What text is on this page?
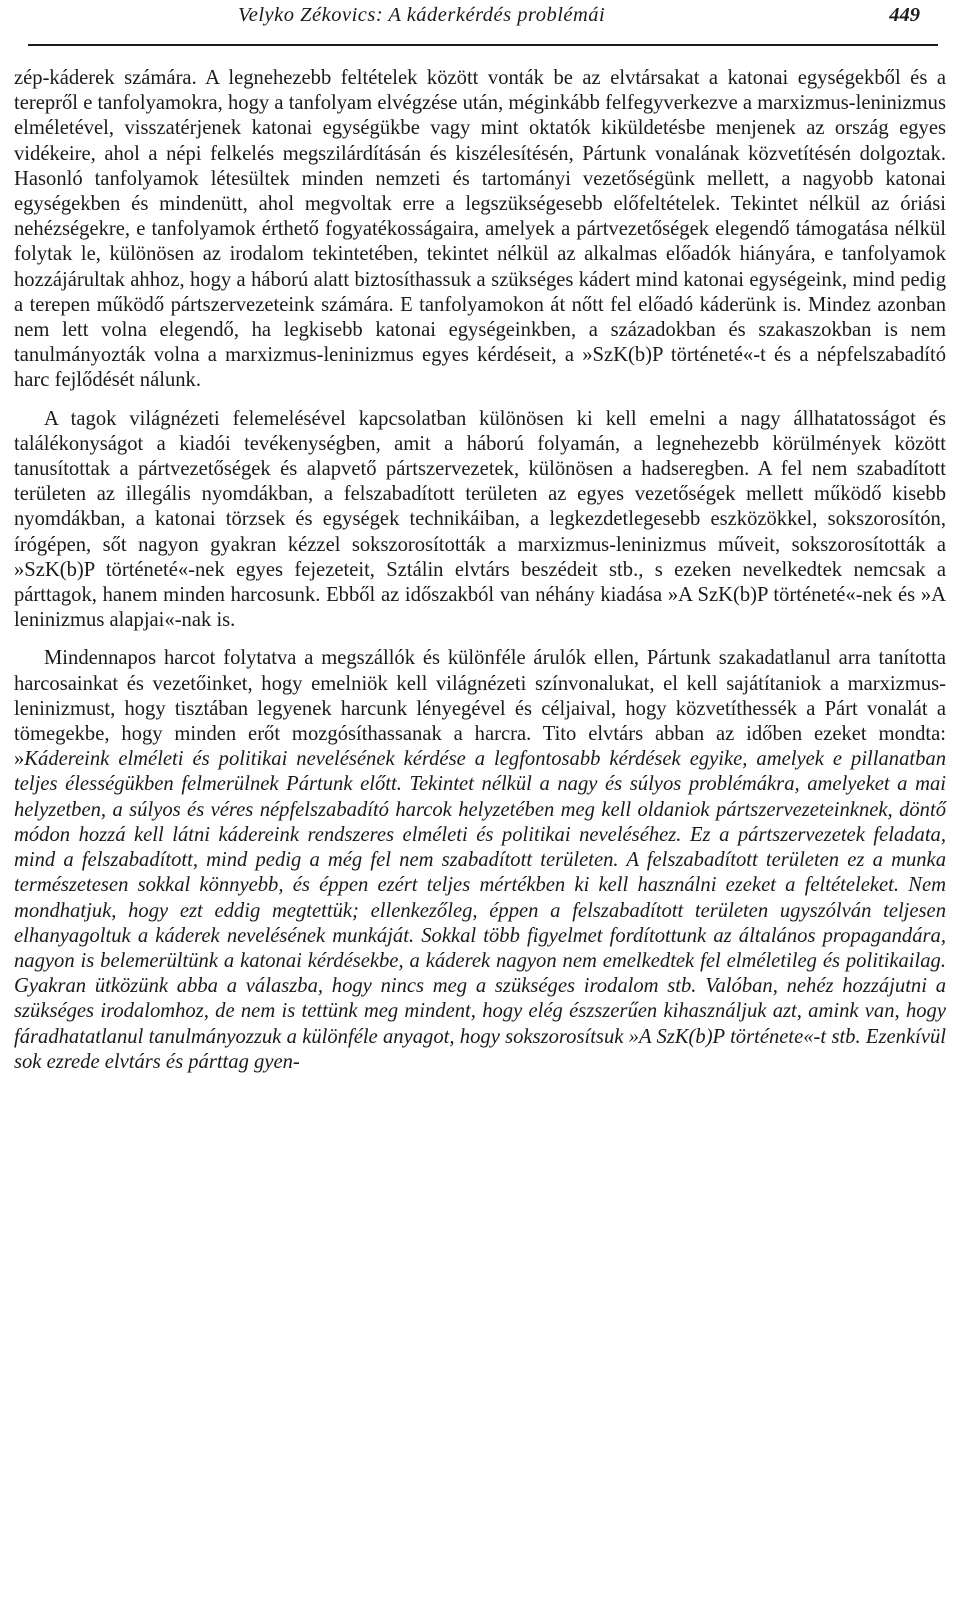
Velyko Zékovics: A káderkérdés problémái	449

zép-káderek számára. A legnehezebb feltételek között vonták be az elvtársakat a katonai egységekből és a terepről e tanfolyamokra, hogy a tanfolyam elvégzése után, méginkább felfegyverkezve a marxizmus-leninizmus elméletével, visszatérjenek katonai egységükbe vagy mint oktatók kiküldetésbe menjenek az ország egyes vidékeire, ahol a népi felkelés megszilárdításán és kiszélesítésén, Pártunk vonalának közvetítésén dolgoztak. Hasonló tanfolyamok létesültek minden nemzeti és tartományi vezetőségünk mellett, a nagyobb katonai egységekben és mindenütt, ahol megvoltak erre a legszükségesebb előfeltételek. Tekintet nélkül az óriási nehézségekre, e tanfolyamok érthető fogyatékosságaira, amelyek a pártvezetőségek elegendő támogatása nélkül folytak le, különösen az irodalom tekintetében, tekintet nélkül az alkalmas előadók hiányára, e tanfolyamok hozzájárultak ahhoz, hogy a háború alatt biztosíthassuk a szükséges kádert mind katonai egységeink, mind pedig a terepen működő pártszervezeteink számára. E tanfolyamokon át nőtt fel előadó káderünk is. Mindez azonban nem lett volna elegendő, ha legkisebb katonai egységeinkben, a századokban és szakaszokban is nem tanulmányozták volna a marxizmus-leninizmus egyes kérdéseit, a »SzK(b)P történeté«-t és a népfelszabadító harc fejlődését nálunk.

A tagok világnézeti felemelésével kapcsolatban különösen ki kell emelni a nagy állhatatosságot és találékonyságot a kiadói tevékenységben, amit a háború folyamán, a legnehezebb körülmények között tanusítottak a pártvezetőségek és alapvető pártszervezetek, különösen a hadseregben. A fel nem szabadított területen az illegális nyomdákban, a felszabadított területen az egyes vezetőségek mellett működő kisebb nyomdákban, a katonai törzsek és egységek technikáiban, a legkezdetlegesebb eszközökkel, sokszorosítón, írógépen, sőt nagyon gyakran kézzel sokszorosították a marxizmus-leninizmus műveit, sokszorosították a »SzK(b)P történeté«-nek egyes fejezeteit, Sztálin elvtárs beszédeit stb., s ezeken nevelkedtek nemcsak a párttagok, hanem minden harcosunk. Ebből az időszakból van néhány kiadása »A SzK(b)P történeté«-nek és »A leninizmus alapjai«-nak is.

Mindennapos harcot folytatva a megszállók és különféle árulók ellen, Pártunk szakadatlanul arra tanította harcosainkat és vezetőinket, hogy emelniök kell világnézeti színvonalukat, el kell sajátítaniok a marxizmus-leninizmust, hogy tisztában legyenek harcunk lényegével és céljaival, hogy közvetíthessék a Párt vonalát a tömegekbe, hogy minden erőt mozgósíthassanak a harcra. Tito elvtárs abban az időben ezeket mondta: »Kádereink elméleti és politikai nevelésének kérdése a legfontosabb kérdések egyike, amelyek e pillanatban teljes élességükben felmerülnek Pártunk előtt. Tekintet nélkül a nagy és súlyos problémákra, amelyeket a mai helyzetben, a súlyos és véres népfelszabadító harcok helyzetében meg kell oldaniok pártszervezeteinknek, döntő módon hozzá kell látni kádereink rendszeres elméleti és politikai neveléséhez. Ez a pártszervezetek feladata, mind a felszabadított, mind pedig a még fel nem szabadított területen. A felszabadított területen ez a munka természetesen sokkal könnyebb, és éppen ezért teljes mértékben ki kell használni ezeket a feltételeket. Nem mondhatjuk, hogy ezt eddig megtettük; ellenkezőleg, éppen a felszabadított területen ugyszólván teljesen elhanyagoltuk a káderek nevelésének munkáját. Sokkal több figyelmet fordítottunk az általános propagandára, nagyon is belemerültünk a katonai kérdésekbe, a káderek nagyon nem emelkedtek fel elméletileg és politikailag. Gyakran ütközünk abba a válaszba, hogy nincs meg a szükséges irodalom stb. Valóban, nehéz hozzájutni a szükséges irodalomhoz, de nem is tettünk meg mindent, hogy elég észszerűen kihasználjuk azt, amink van, hogy fáradhatatlanul tanulmányozzuk a különféle anyagot, hogy sokszorosítsuk »A SzK(b)P története«-t stb. Ezenkívül sok ezrede elvtárs és párttag gyen-
